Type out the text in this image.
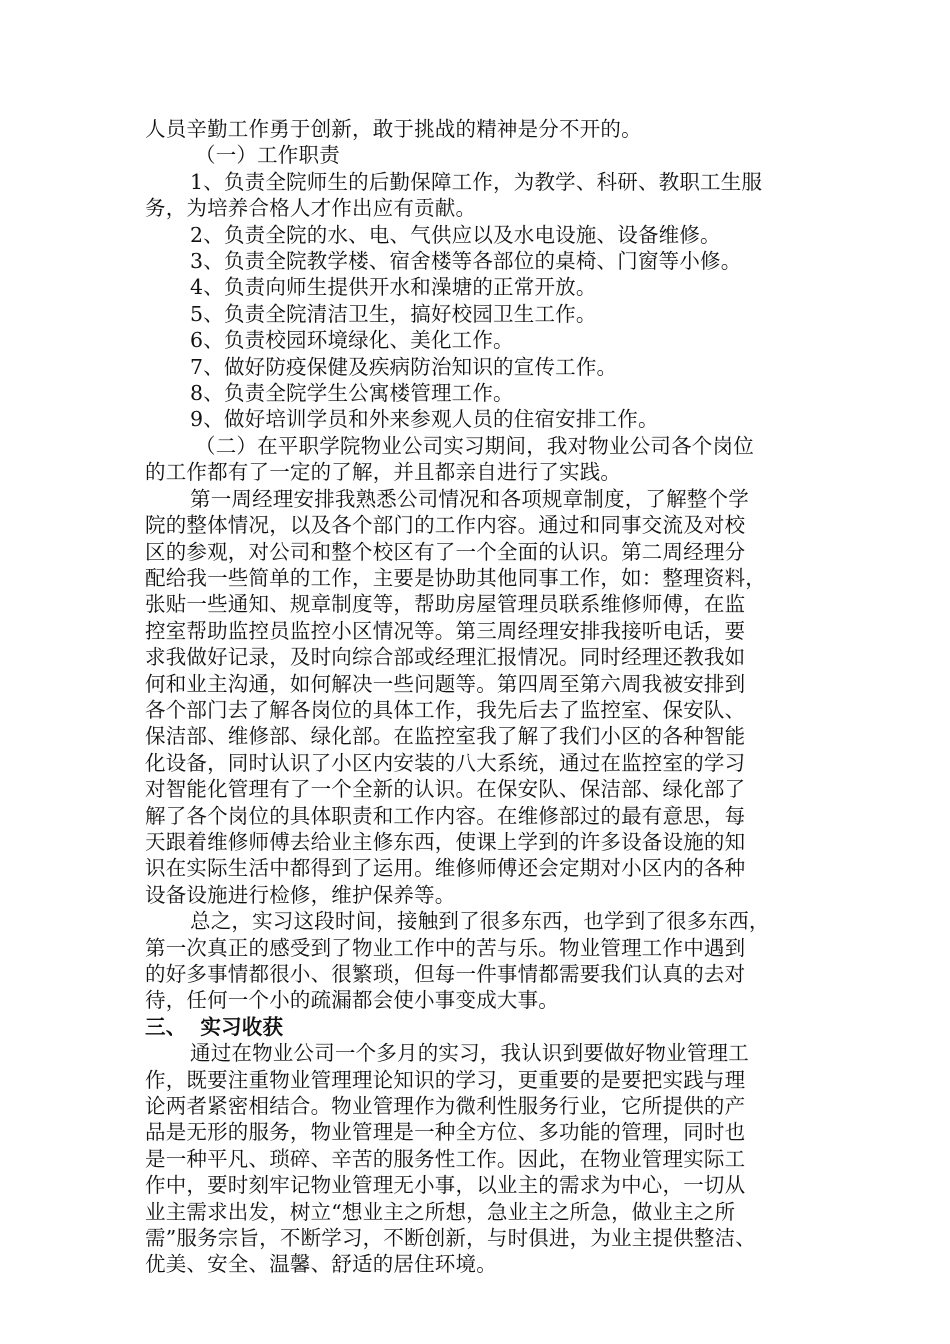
人员辛勤工作勇于创新，敢于挑战的精神是分不开的。
（一）工作职责
1、负责全院师生的后勤保障工作，为教学、科研、教职工生服
务，为培养合格人才作出应有贡献。
2、负责全院的水、电、气供应以及水电设施、设备维修。
3、负责全院教学楼、宿舍楼等各部位的桌椅、门窗等小修。
4、负责向师生提供开水和澡塘的正常开放。
5、负责全院清洁卫生，搞好校园卫生工作。
6、负责校园环境绿化、美化工作。
7、做好防疫保健及疾病防治知识的宣传工作。
8、负责全院学生公寓楼管理工作。
9、做好培训学员和外来参观人员的住宿安排工作。
（二）在平职学院物业公司实习期间，我对物业公司各个岗位
的工作都有了一定的了解，并且都亲自进行了实践。
第一周经理安排我熟悉公司情况和各项规章制度，了解整个学
院的整体情况，以及各个部门的工作内容。通过和同事交流及对校
区的参观，对公司和整个校区有了一个全面的认识。第二周经理分
配给我一些简单的工作，主要是协助其他同事工作，如：整理资料，
张贴一些通知、规章制度等，帮助房屋管理员联系维修师傅，在监
控室帮助监控员监控小区情况等。第三周经理安排我接听电话，要
求我做好记录，及时向综合部或经理汇报情况。同时经理还教我如
何和业主沟通，如何解决一些问题等。第四周至第六周我被安排到
各个部门去了解各岗位的具体工作，我先后去了监控室、保安队、
保洁部、维修部、绿化部。在监控室我了解了我们小区的各种智能
化设备，同时认识了小区内安装的八大系统，通过在监控室的学习
对智能化管理有了一个全新的认识。在保安队、保洁部、绿化部了
解了各个岗位的具体职责和工作内容。在维修部过的最有意思，每
天跟着维修师傅去给业主修东西，使课上学到的许多设备设施的知
识在实际生活中都得到了运用。维修师傅还会定期对小区内的各种
设备设施进行检修，维护保养等。
总之，实习这段时间，接触到了很多东西，也学到了很多东西，
第一次真正的感受到了物业工作中的苦与乐。物业管理工作中遇到
的好多事情都很小、很繁琐，但每一件事情都需要我们认真的去对
待，任何一个小的疏漏都会使小事变成大事。
三、 实习收获
通过在物业公司一个多月的实习，我认识到要做好物业管理工
作，既要注重物业管理理论知识的学习，更重要的是要把实践与理
论两者紧密相结合。物业管理作为微利性服务行业，它所提供的产
品是无形的服务，物业管理是一种全方位、多功能的管理，同时也
是一种平凡、琐碎、辛苦的服务性工作。因此，在物业管理实际工
作中，要时刻牢记物业管理无小事，以业主的需求为中心，一切从
业主需求出发，树立“想业主之所想，急业主之所急，做业主之所
需”服务宗旨，不断学习，不断创新，与时俱进，为业主提供整洁、
优美、安全、温馨、舒适的居住环境。
